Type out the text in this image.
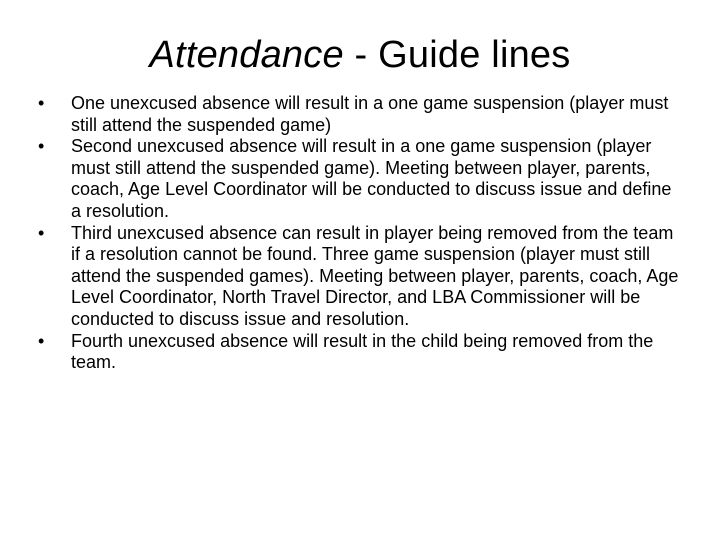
Attendance - Guide lines
•	One unexcused absence will result in a one game suspension (player must still attend the suspended game)
•	Second unexcused absence will result in a one game suspension (player must still attend the suspended game). Meeting between player, parents, coach, Age Level Coordinator will be conducted to discuss issue and define a resolution.
•	Third unexcused absence can result in player being removed from the team if a resolution cannot be found. Three game suspension (player must still attend the suspended games). Meeting between player, parents, coach, Age Level Coordinator, North Travel Director, and LBA Commissioner will be conducted to discuss issue and resolution.
•	Fourth unexcused absence will result in the child being removed from the team.
